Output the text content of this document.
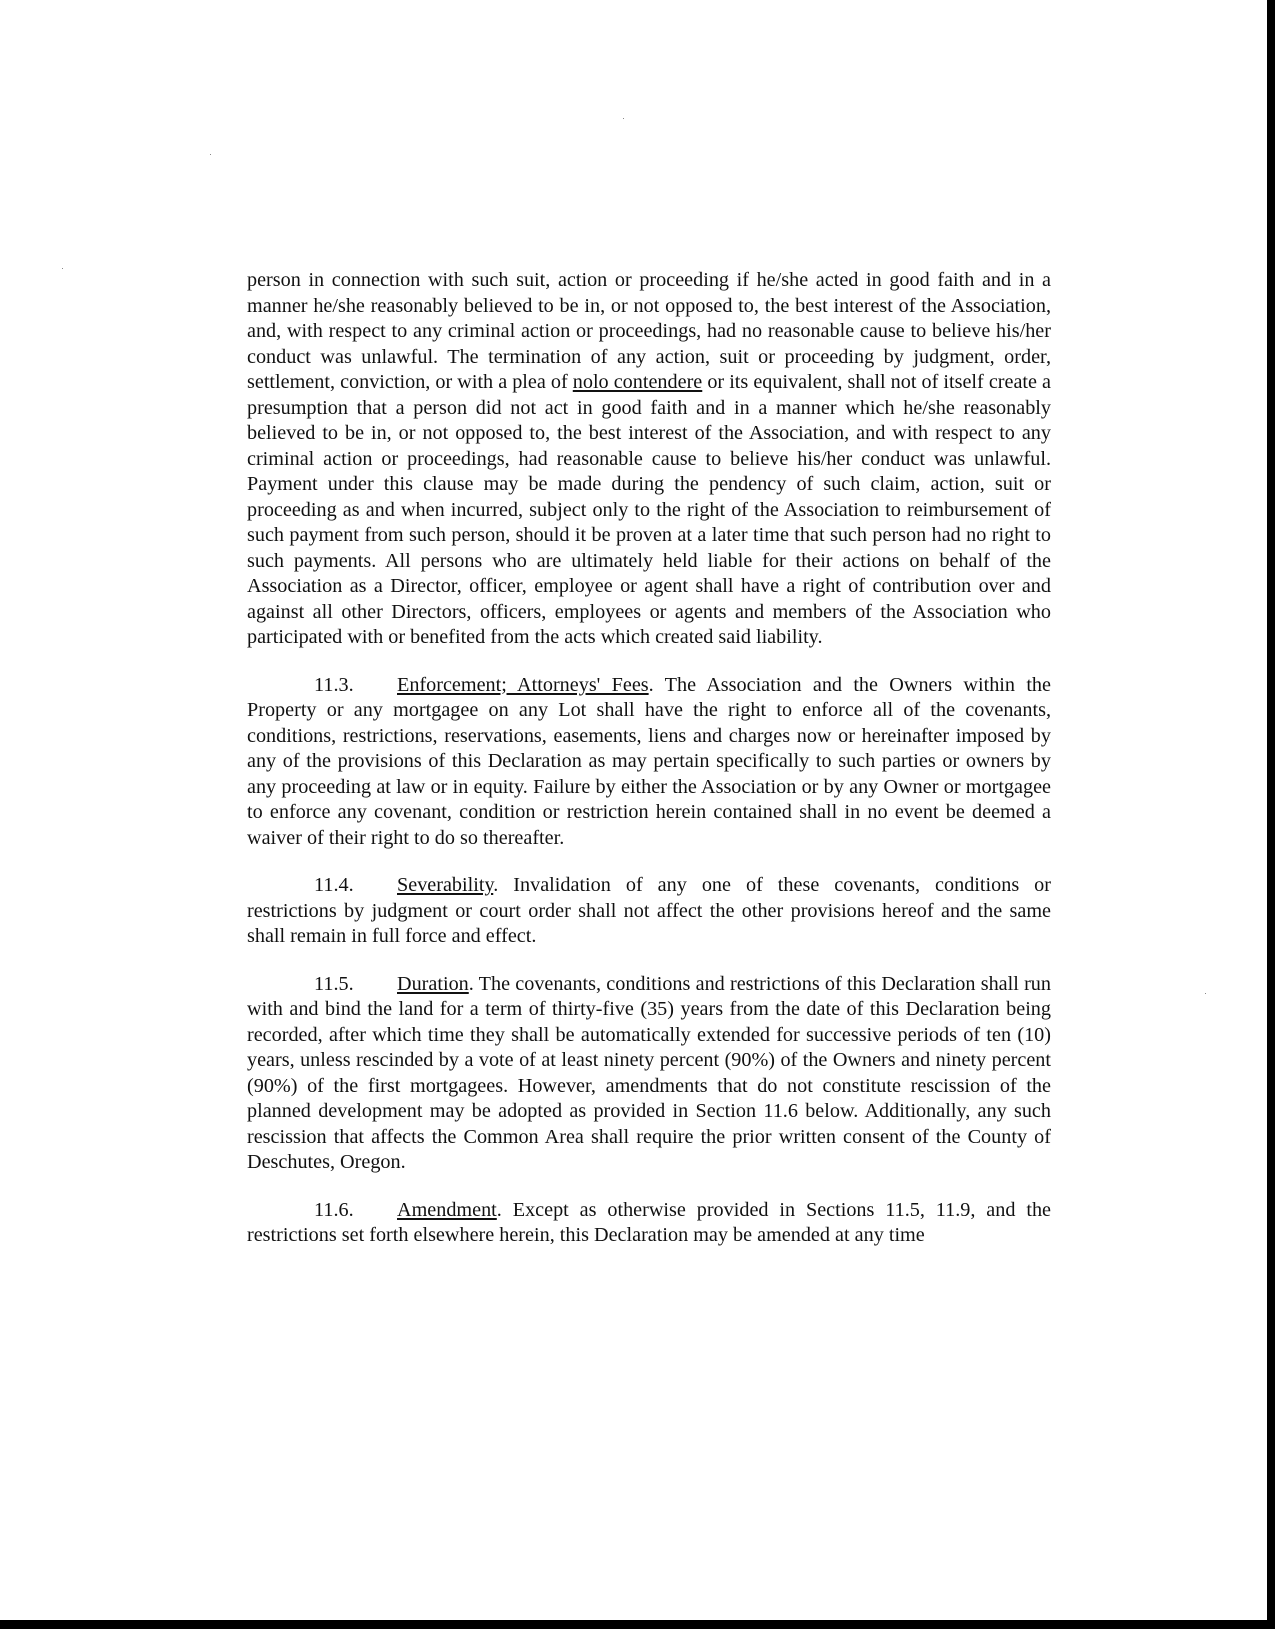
person in connection with such suit, action or proceeding if he/she acted in good faith and in a manner he/she reasonably believed to be in, or not opposed to, the best interest of the Association, and, with respect to any criminal action or proceedings, had no reasonable cause to believe his/her conduct was unlawful. The termination of any action, suit or proceeding by judgment, order, settlement, conviction, or with a plea of nolo contendere or its equivalent, shall not of itself create a presumption that a person did not act in good faith and in a manner which he/she reasonably believed to be in, or not opposed to, the best interest of the Association, and with respect to any criminal action or proceedings, had reasonable cause to believe his/her conduct was unlawful. Payment under this clause may be made during the pendency of such claim, action, suit or proceeding as and when incurred, subject only to the right of the Association to reimbursement of such payment from such person, should it be proven at a later time that such person had no right to such payments. All persons who are ultimately held liable for their actions on behalf of the Association as a Director, officer, employee or agent shall have a right of contribution over and against all other Directors, officers, employees or agents and members of the Association who participated with or benefited from the acts which created said liability.

11.3. Enforcement; Attorneys' Fees. The Association and the Owners within the Property or any mortgagee on any Lot shall have the right to enforce all of the covenants, conditions, restrictions, reservations, easements, liens and charges now or hereinafter imposed by any of the provisions of this Declaration as may pertain specifically to such parties or owners by any proceeding at law or in equity. Failure by either the Association or by any Owner or mortgagee to enforce any covenant, condition or restriction herein contained shall in no event be deemed a waiver of their right to do so thereafter.

11.4. Severability. Invalidation of any one of these covenants, conditions or restrictions by judgment or court order shall not affect the other provisions hereof and the same shall remain in full force and effect.

11.5. Duration. The covenants, conditions and restrictions of this Declaration shall run with and bind the land for a term of thirty-five (35) years from the date of this Declaration being recorded, after which time they shall be automatically extended for successive periods of ten (10) years, unless rescinded by a vote of at least ninety percent (90%) of the Owners and ninety percent (90%) of the first mortgagees. However, amendments that do not constitute rescission of the planned development may be adopted as provided in Section 11.6 below. Additionally, any such rescission that affects the Common Area shall require the prior written consent of the County of Deschutes, Oregon.

11.6. Amendment. Except as otherwise provided in Sections 11.5, 11.9, and the restrictions set forth elsewhere herein, this Declaration may be amended at any time
